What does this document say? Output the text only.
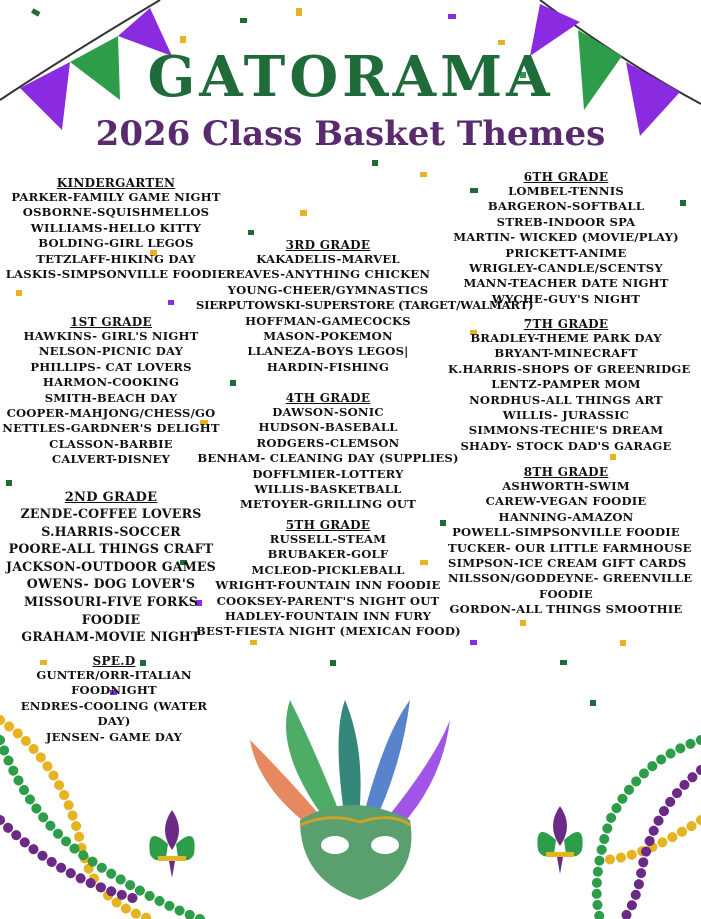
GATORAMA
2026 Class Basket Themes
KINDERGARTEN
PARKER-FAMILY GAME NIGHT
OSBORNE-SQUISHMELLOS
WILLIAMS-HELLO KITTY
BOLDING-GIRL LEGOS
TETZLAFF-HIKING DAY
LASKIS-SIMPSONVILLE FOODIE
1ST GRADE
HAWKINS- GIRL'S NIGHT
NELSON-PICNIC DAY
PHILLIPS- CAT LOVERS
HARMON-COOKING
SMITH-BEACH DAY
COOPER-MAHJONG/CHESS/GO
NETTLES-GARDNER'S DELIGHT
CLASSON-BARBIE
CALVERT-DISNEY
2ND GRADE
ZENDE-COFFEE LOVERS
S.HARRIS-SOCCER
POORE-ALL THINGS CRAFT
JACKSON-OUTDOOR GAMES
OWENS- DOG LOVER'S
MISSOURI-FIVE FORKS
FOODIE
GRAHAM-MOVIE NIGHT
SPE.D
GUNTER/ORR-ITALIAN
FOODNIGHT
ENDRES-COOLING (WATER
DAY)
JENSEN- GAME DAY
3RD GRADE
KAKADELIS-MARVEL
REAVES-ANYTHING CHICKEN
YOUNG-CHEER/GYMNASTICS
SIERPUTOWSKI-SUPERSTORE (TARGET/WALMART)
HOFFMAN-GAMECOCKS
MASON-POKEMON
LLANEZA-BOYS LEGOS|
HARDIN-FISHING
4TH GRADE
DAWSON-SONIC
HUDSON-BASEBALL
RODGERS-CLEMSON
BENHAM- CLEANING DAY (SUPPLIES)
DOFFLMIER-LOTTERY
WILLIS-BASKETBALL
METOYER-GRILLING OUT
5TH GRADE
RUSSELL-STEAM
BRUBAKER-GOLF
MCLEOD-PICKLEBALL
WRIGHT-FOUNTAIN INN FOODIE
COOKSEY-PARENT'S NIGHT OUT
HADLEY-FOUNTAIN INN FURY
BEST-FIESTA NIGHT (MEXICAN FOOD)
6TH GRADE
LOMBEL-TENNIS
BARGERON-SOFTBALL
STREB-INDOOR SPA
MARTIN- WICKED (MOVIE/PLAY)
PRICKETT-ANIME
WRIGLEY-CANDLE/SCENTSY
MANN-TEACHER DATE NIGHT
WYCHE-GUY'S NIGHT
7TH GRADE
BRADLEY-THEME PARK DAY
BRYANT-MINECRAFT
K.HARRIS-SHOPS OF GREENRIDGE
LENTZ-PAMPER MOM
NORDHUS-ALL THINGS ART
WILLIS- JURASSIC
SIMMONS-TECHIE'S DREAM
SHADY- STOCK DAD'S GARAGE
8TH GRADE
ASHWORTH-SWIM
CAREW-VEGAN FOODIE
HANNING-AMAZON
POWELL-SIMPSONVILLE FOODIE
TUCKER- OUR LITTLE FARMHOUSE
SIMPSON-ICE CREAM GIFT CARDS
NILSSON/GODDEYNE- GREENVILLE
FOODIE
GORDON-ALL THINGS SMOOTHIE
